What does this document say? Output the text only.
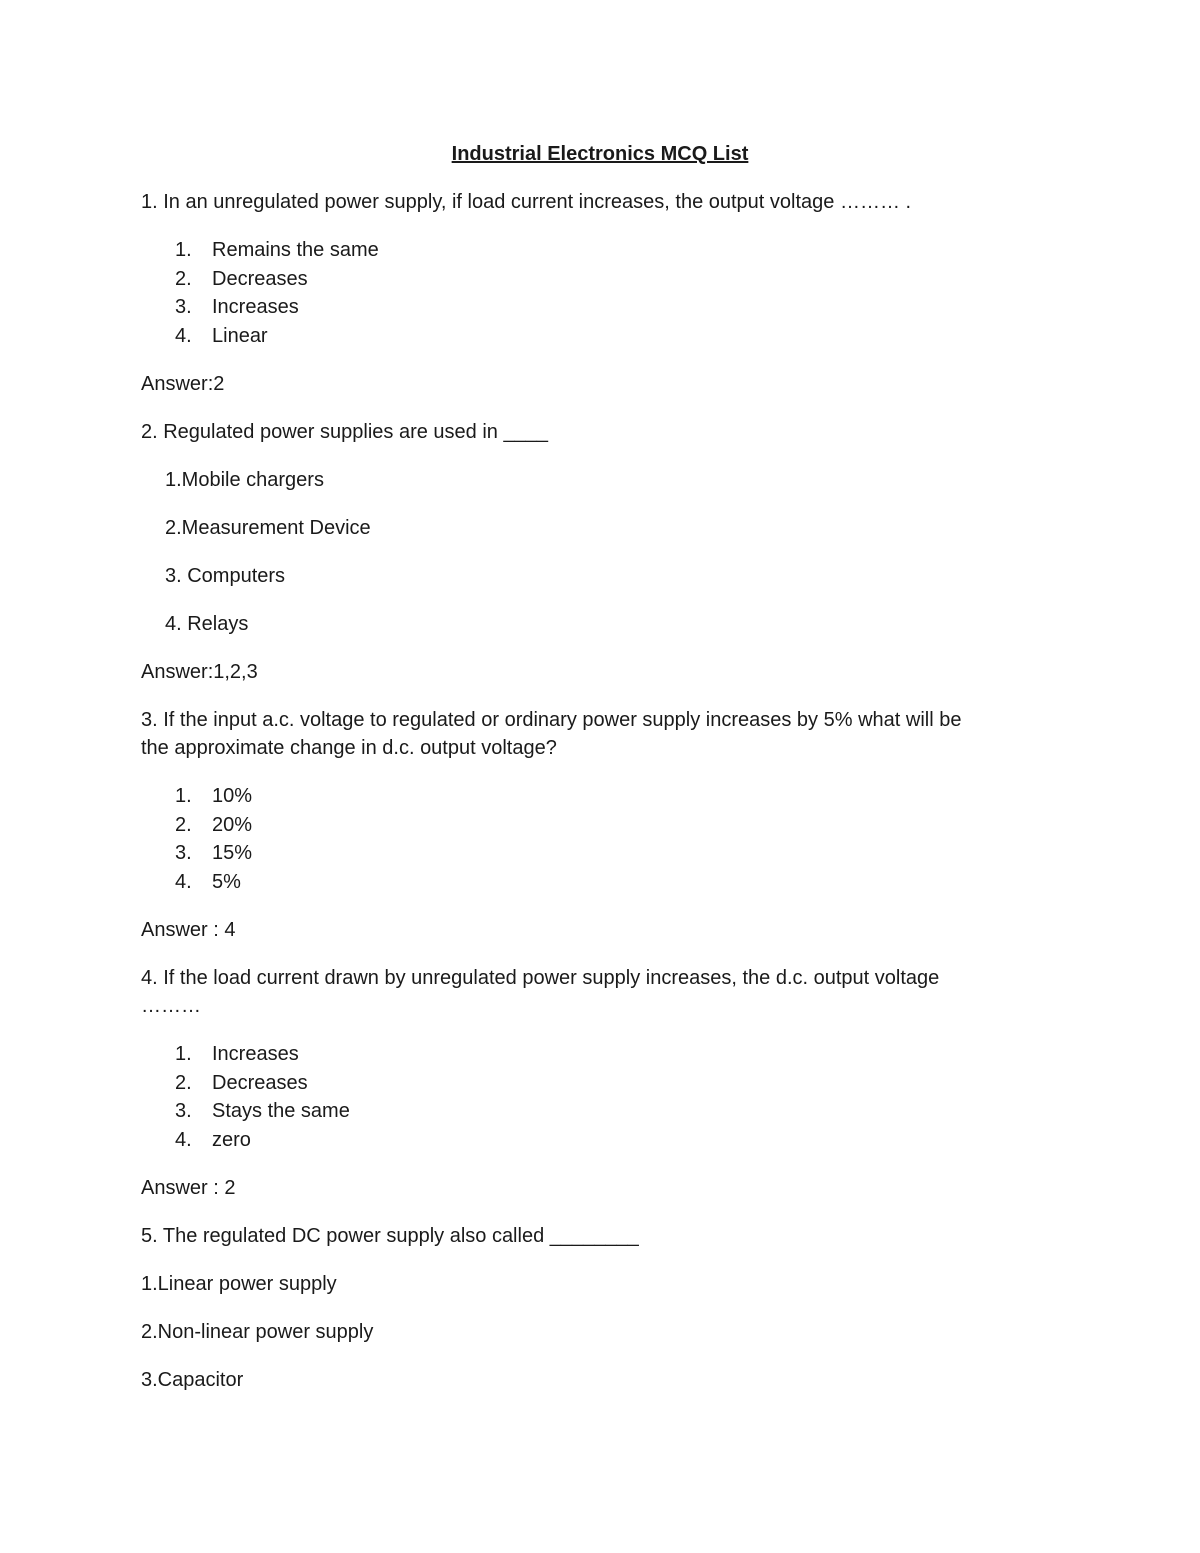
Industrial Electronics MCQ List
1. In an unregulated power supply, if load current increases, the output voltage ……… .
1. Remains the same
2. Decreases
3. Increases
4. Linear
Answer:2
2. Regulated power supplies are used in ____
1.Mobile chargers
2.Measurement Device
3. Computers
4. Relays
Answer:1,2,3
3. If the input a.c. voltage to regulated or ordinary power supply increases by 5% what will be
the approximate change in d.c. output voltage?
1. 10%
2. 20%
3. 15%
4. 5%
Answer : 4
4. If the load current drawn by unregulated power supply increases, the d.c. output voltage
………
1. Increases
2. Decreases
3. Stays the same
4. zero
Answer : 2
5. The regulated DC power supply also called ________
1.Linear power supply
2.Non-linear power supply
3.Capacitor
